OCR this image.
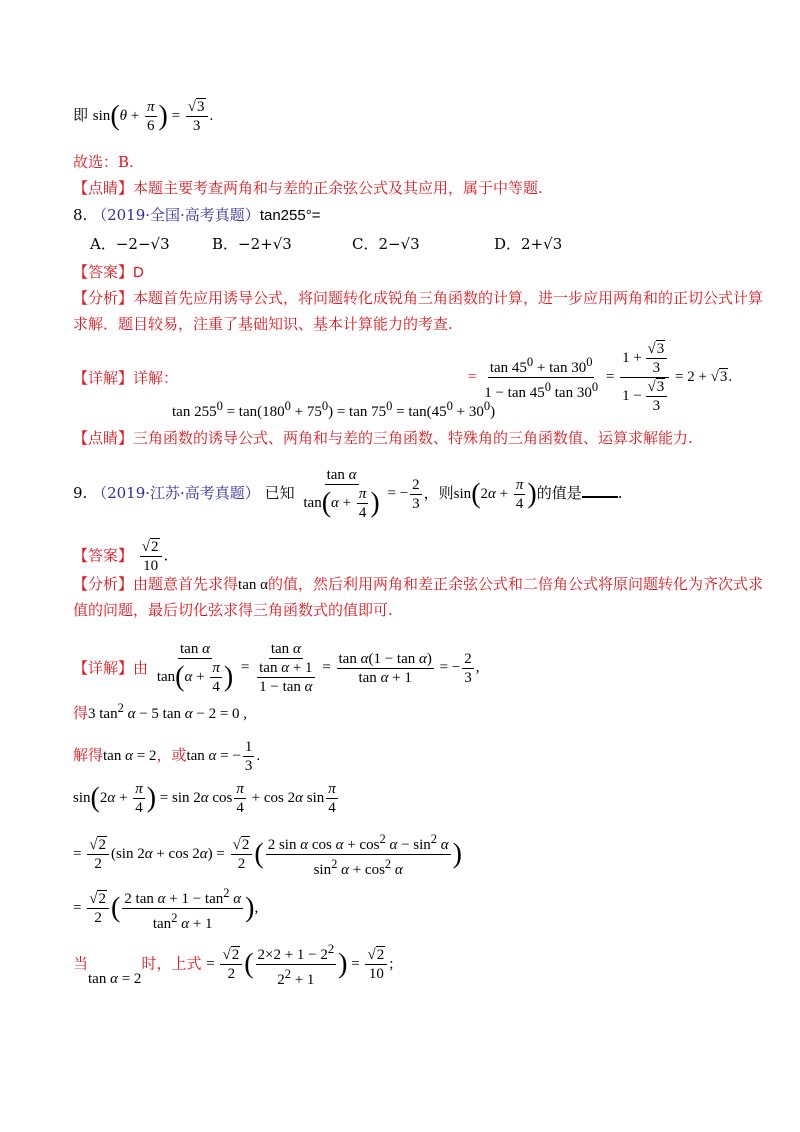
即 $\sin(\theta + \frac{\pi}{6}$ ) = $\frac{√3}{3}$ .
故选：B.
【点睛】本题主要考查两角和与差的正余弦公式及其应用，属于中等题.
8. （2019·全国·高考真题）tan255°=
A．−2−√3	B．−2+√3	C．2−√3	D．2+√3
【答案】D
【分析】本题首先应用诱导公式，将问题转化成锐角三角函数的计算，进一步应用两角和的正切公式计算
求解．题目较易，注重了基础知识、基本计算能力的考查.
【详解】详解：	= $\frac{\tan 45^0 + \tan 30^0}{1 - \tan 45^0 \tan 30^0} = \frac{1 + \frac{√3}{3}}{1 - \frac{√3}{3}} = 2 + √3$.
$\tan 255^0 = \tan(180^0 + 75^0) = \tan 75^0 = \tan(45^0 + 30^0)$
【点睛】三角函数的诱导公式、两角和与差的三角函数、特殊角的三角函数值、运算求解能力.
9. （2019·江苏·高考真题） 已知 $\frac{\text{tan α}}{\tan(\alpha + \frac{\pi}{4} )}$ = − $\frac{2}{3}$ ，则$\sin(2\alpha + \frac{\pi}{4}$ )的值是 .
【答案】 $\frac{√2}{10}$ .
【分析】由题意首先求得tan α的值，然后利用两角和差正余弦公式和二倍角公式将原问题转化为齐次式求
值的问题，最后切化弦求得三角函数式的值即可.
【详解】由 $\frac{\text{tan α}}{\tan(\alpha + \frac{\pi}{4} )} = \frac{\text{tan α}}{\frac{\text{tan α + 1}}{\text{1 − tan α}}} = \frac{\text{tan α(1 − tan α)}}{\text{tan α + 1}}$ = − $\frac{2}{3}$ ,
得3 $\tan^2 \alpha - 5$ tan α − 2 = 0 ,
解得tan α = 2，或tan α = − $\frac{1}{3}$ .
$\sin(2\alpha + \frac{\pi}{4}$ ) = sin 2α $\cos \frac{\pi}{4} + \cos 2\alpha$ $\sin \frac{\pi}{4}$
= $\frac{√2}{2} (\sin$ $2\alpha + \cos 2\alpha) = \frac{√2}{2}$ ( $\frac{2 \sin \alpha \cos \alpha + \cos^2 \alpha - \sin^2 \alpha}{\sin^2 \alpha + \cos^2 \alpha}$ )
= $\frac{√2}{2}$ ( $\frac{2 \tan \alpha + 1 - \tan^2 \alpha}{\tan^2 \alpha + 1}$ ),
当tan α = 2时，上式 = $\frac{√2}{2}$ ( $\frac{2\times 2 + 1 - 2^2}{2^2 + 1}$ ) = $\frac{√2}{10}$ ;
